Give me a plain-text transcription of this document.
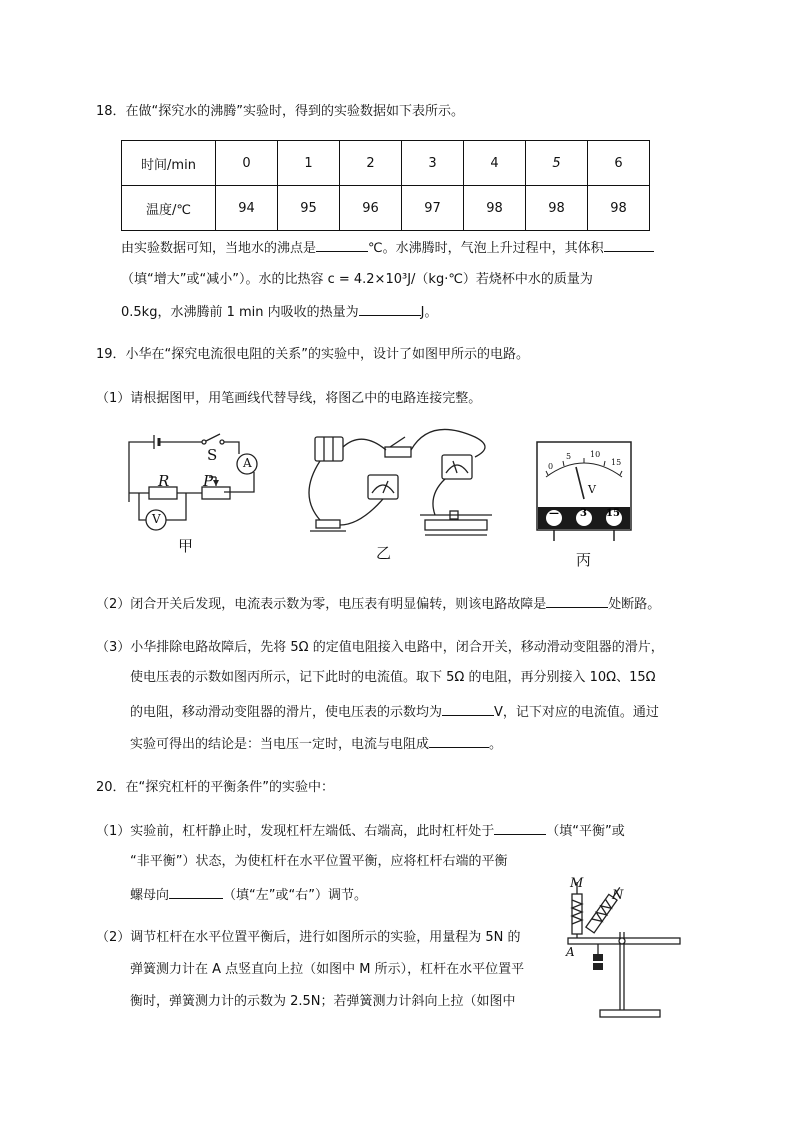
18．在做“探究水的沸腾”实验时，得到的实验数据如下表所示。
时间/min	0	1	2	3	4	5	6
温度/℃	94	95	96	97	98	98	98
由实验数据可知，当地水的沸点是	℃。水沸腾时，气泡上升过程中，其体积
（填“增大”或“减小”）。水的比热容 c = 4.2×10³J/（kg·℃）若烧杯中水的质量为
0.5kg，水沸腾前 1 min 内吸收的热量为	J。
19．小华在“探究电流很电阻的关系”的实验中，设计了如图甲所示的电路。
（1）请根据图甲，用笔画线代替导线，将图乙中的电路连接完整。
S A
R P
V
甲	乙
0
5 10
15
V
— 3 15
丙
（2）闭合开关后发现，电流表示数为零，电压表有明显偏转，则该电路故障是	处断路。
（3）小华排除电路故障后，先将 5Ω 的定值电阻接入电路中，闭合开关，移动滑动变阻器的滑片，
使电压表的示数如图丙所示，记下此时的电流值。取下 5Ω 的电阻，再分别接入 10Ω、15Ω
的电阻，移动滑动变阻器的滑片，使电压表的示数均为	V，记下对应的电流值。通过
实验可得出的结论是：当电压一定时，电流与电阻成	。
20．在“探究杠杆的平衡条件”的实验中：
（1）实验前，杠杆静止时，发现杠杆左端低、右端高，此时杠杆处于	（填“平衡”或
“非平衡”）状态，为使杠杆在水平位置平衡，应将杠杆右端的平衡
螺母向	（填“左”或“右”）调节。
（2）调节杠杆在水平位置平衡后，进行如图所示的实验，用量程为 5N 的
弹簧测力计在 A 点竖直向上拉（如图中 M 所示），杠杆在水平位置平
衡时，弹簧测力计的示数为 2.5N；若弹簧测力计斜向上拉（如图中
M
N
A
